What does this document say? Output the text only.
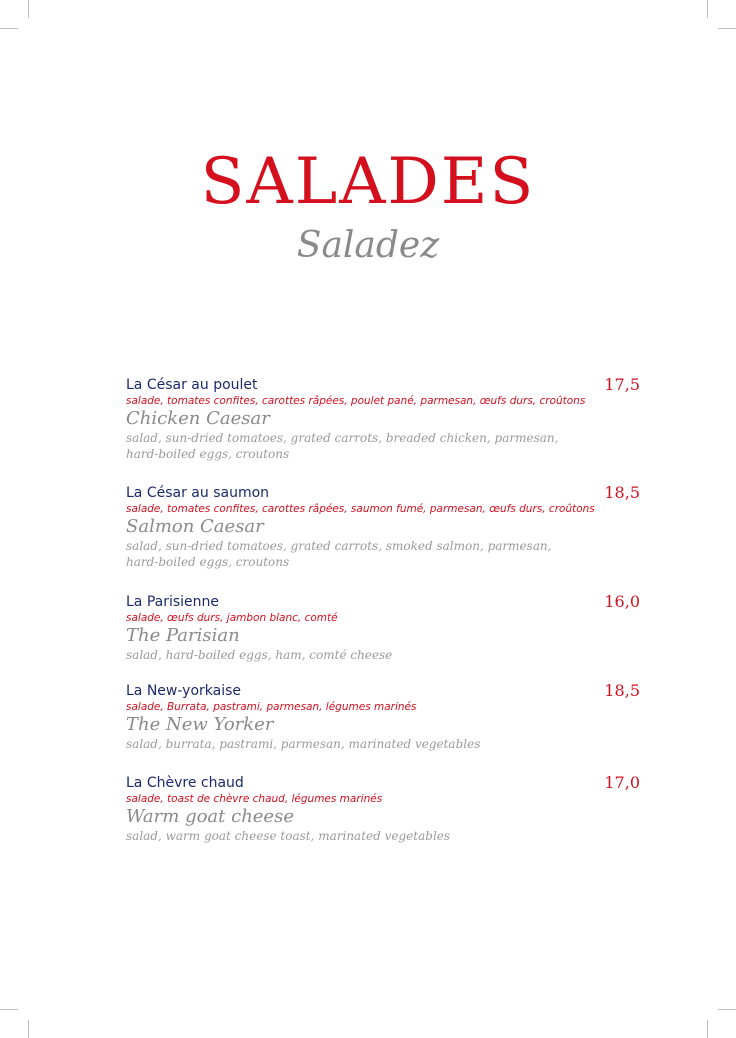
SALADES
Saladez
La César au poulet	17,5
salade, tomates confites, carottes râpées, poulet pané, parmesan, œufs durs, croûtons
Chicken Caesar
salad, sun-dried tomatoes, grated carrots, breaded chicken, parmesan, hard-boiled eggs, croutons
La César au saumon	18,5
salade, tomates confites, carottes râpées, saumon fumé, parmesan, œufs durs, croûtons
Salmon Caesar
salad, sun-dried tomatoes, grated carrots, smoked salmon, parmesan, hard-boiled eggs, croutons
La Parisienne	16,0
salade, œufs durs, jambon blanc, comté
The Parisian
salad, hard-boiled eggs, ham, comté cheese
La New-yorkaise	18,5
salade, Burrata, pastrami, parmesan, légumes marinés
The New Yorker
salad, burrata, pastrami, parmesan, marinated vegetables
La Chèvre chaud	17,0
salade, toast de chèvre chaud, légumes marinés
Warm goat cheese
salad, warm goat cheese toast, marinated vegetables
